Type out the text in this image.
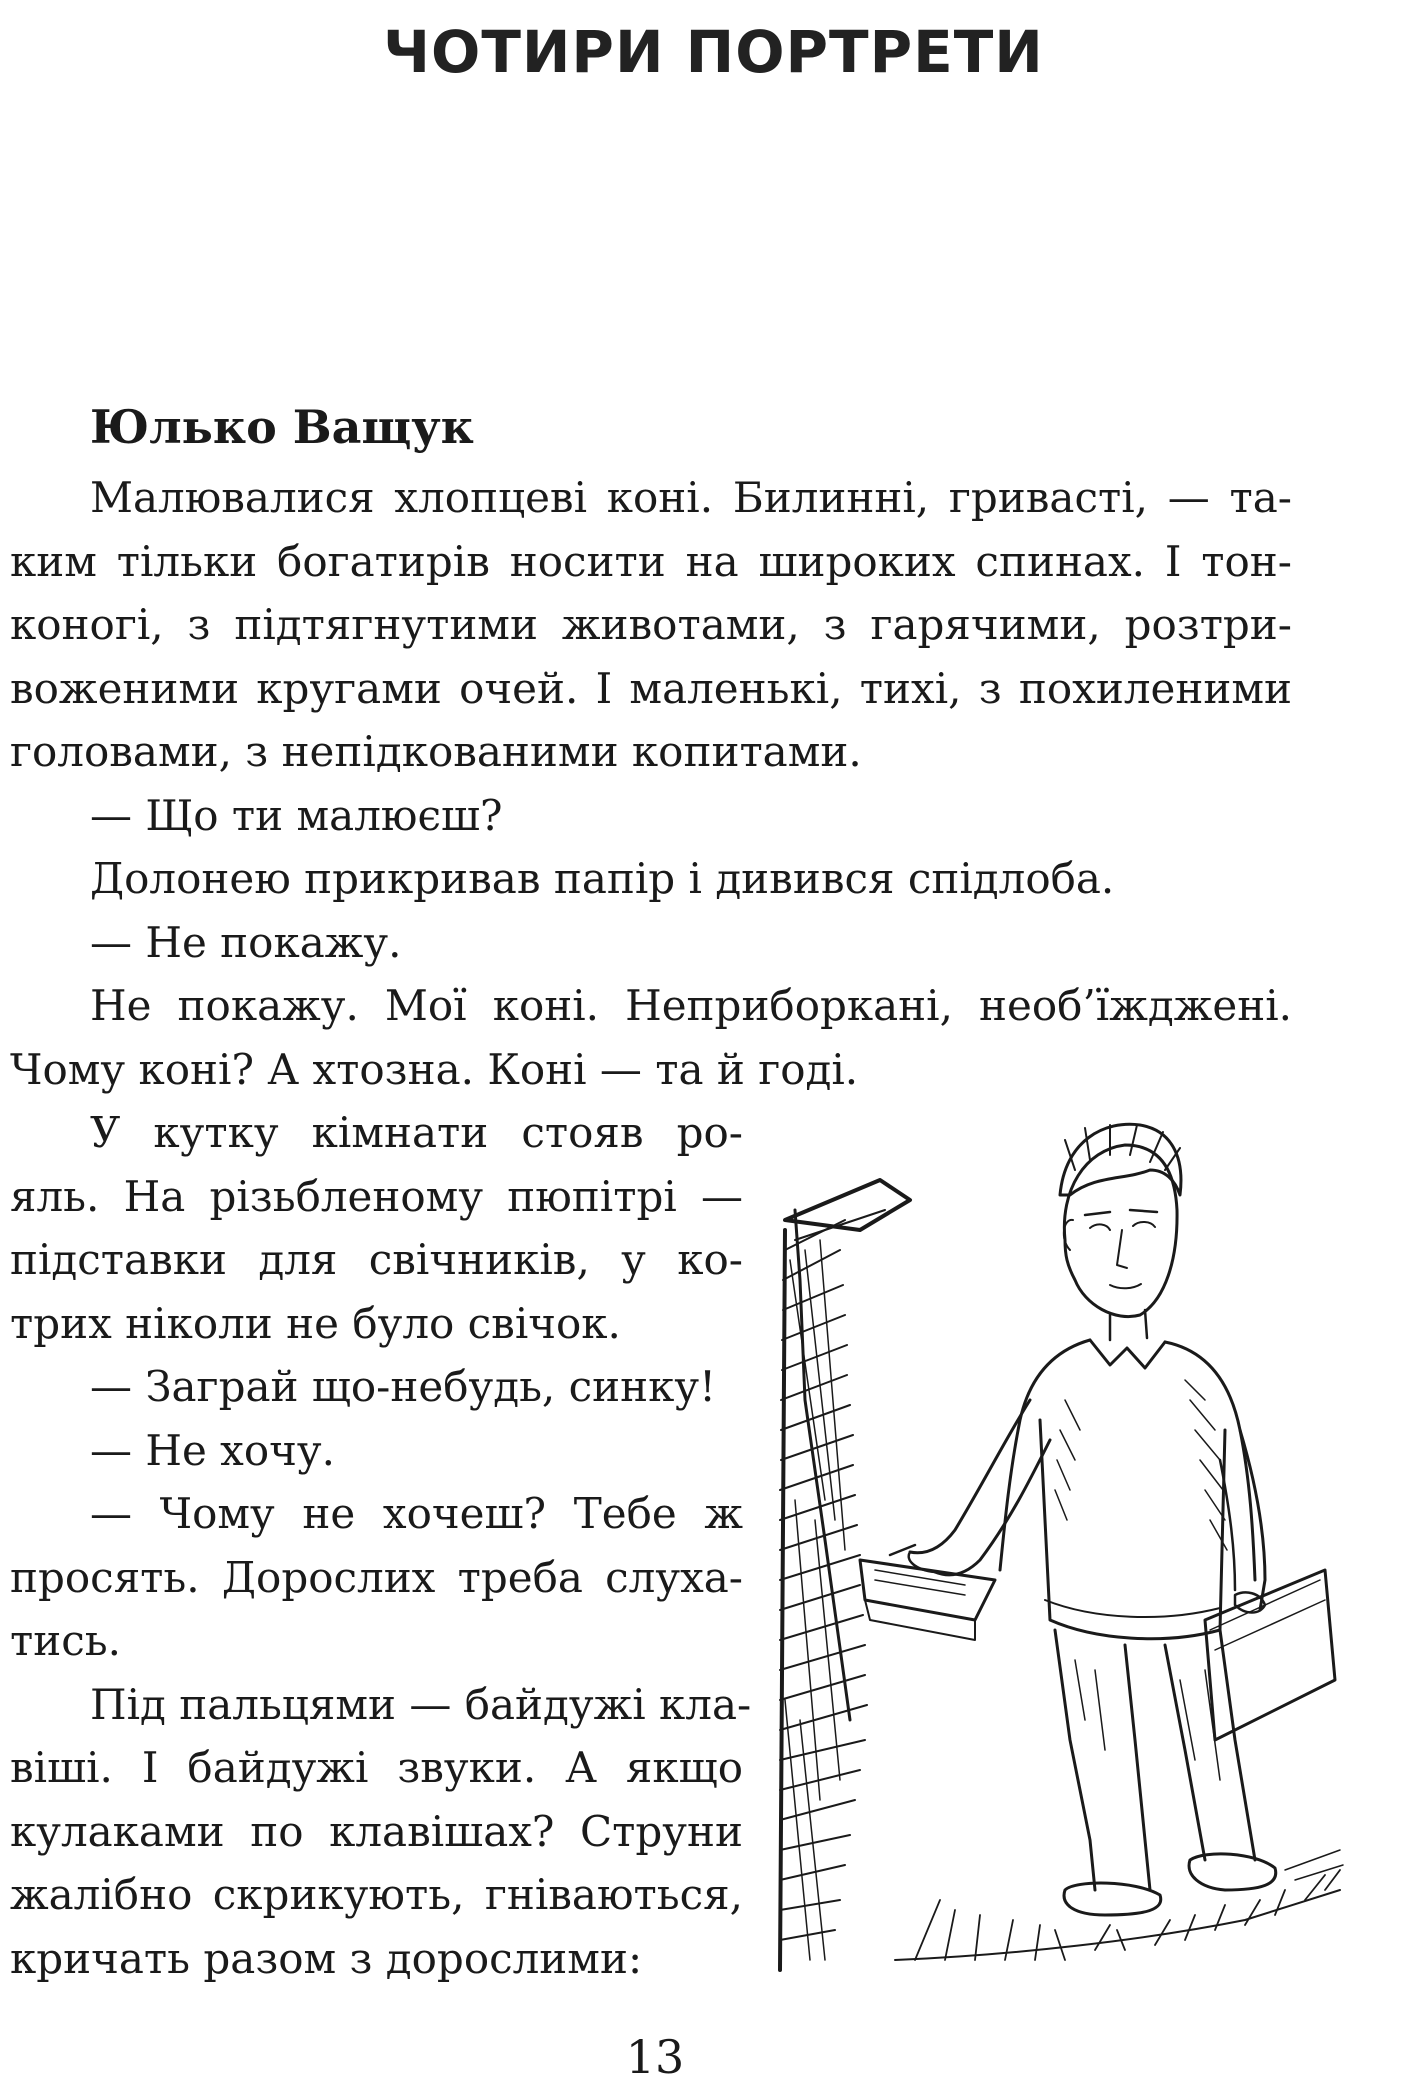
ЧОТИРИ ПОРТРЕТИ
Юлько Ващук
Малювалися хлопцеві коні. Билинні, гривасті, — та-
ким тільки богатирів носити на широких спинах. І тон-
коногі, з підтягнутими животами, з гарячими, розтри-
воженими кругами очей. І маленькі, тихі, з похиленими
головами, з непідкованими копитами.
— Що ти малюєш?
Долонею прикривав папір і дивився спідлоба.
— Не покажу.
Не покажу. Мої коні. Неприборкані, необ’їжджені.
Чому коні? А хтозна. Коні — та й годі.
У кутку кімнати стояв ро-
яль. На різьбленому пюпітрі —
підставки для свічників, у ко-
трих ніколи не було свічок.
— Заграй що-небудь, синку!
— Не хочу.
— Чому не хочеш? Тебе ж
просять. Дорослих треба слуха-
тись.
Під пальцями — байдужі кла-
віші. І байдужі звуки. А якщо
кулаками по клавішах? Струни
жалібно скрикують, гніваються,
кричать разом з дорослими:
13
